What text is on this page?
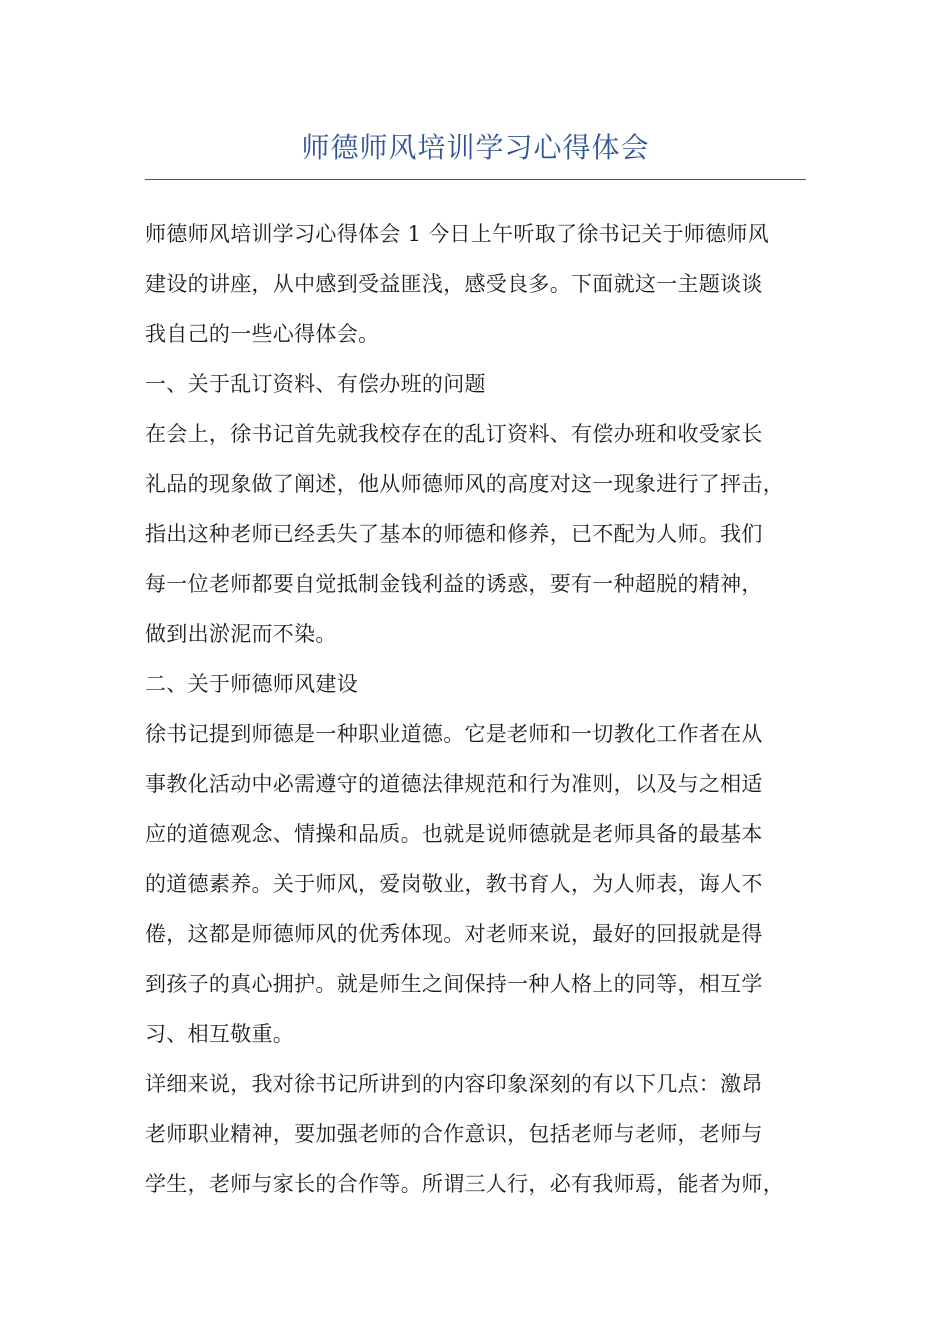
师德师风培训学习心得体会
师德师风培训学习心得体会 1 今日上午听取了徐书记关于师德师风
建设的讲座，从中感到受益匪浅，感受良多。下面就这一主题谈谈
我自己的一些心得体会。
一、关于乱订资料、有偿办班的问题
在会上，徐书记首先就我校存在的乱订资料、有偿办班和收受家长
礼品的现象做了阐述，他从师德师风的高度对这一现象进行了抨击，
指出这种老师已经丢失了基本的师德和修养，已不配为人师。我们
每一位老师都要自觉抵制金钱利益的诱惑，要有一种超脱的精神，
做到出淤泥而不染。
二、关于师德师风建设
徐书记提到师德是一种职业道德。它是老师和一切教化工作者在从
事教化活动中必需遵守的道德法律规范和行为准则，以及与之相适
应的道德观念、情操和品质。也就是说师德就是老师具备的最基本
的道德素养。关于师风，爱岗敬业，教书育人，为人师表，诲人不
倦，这都是师德师风的优秀体现。对老师来说，最好的回报就是得
到孩子的真心拥护。就是师生之间保持一种人格上的同等，相互学
习、相互敬重。
详细来说，我对徐书记所讲到的内容印象深刻的有以下几点：激昂
老师职业精神，要加强老师的合作意识，包括老师与老师，老师与
学生，老师与家长的合作等。所谓三人行，必有我师焉，能者为师，
